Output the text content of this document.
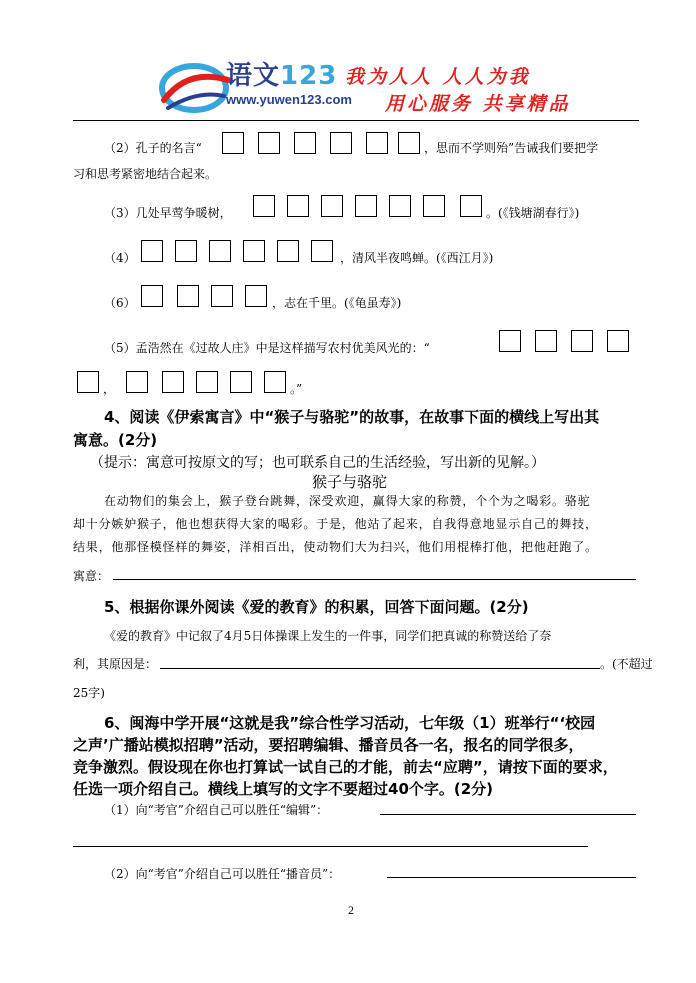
语文123
www.yuwen123.com
我为人人 人人为我
用心服务 共享精品
（2）孔子的名言“	，思而不学则殆”告诫我们要把学
习和思考紧密地结合起来。
（3）几处早莺争暖树，	。(《钱塘湖春行》)
（4）	，清风半夜鸣蝉。(《西江月》)
（6）	，志在千里。(《龟虽寿》)
（5）孟浩然在《过故人庄》中是这样描写农村优美风光的：“
，	。”
4、阅读《伊索寓言》中“猴子与骆驼”的故事，在故事下面的横线上写出其
寓意。(2分)
（提示：寓意可按原文的写；也可联系自己的生活经验，写出新的见解。）
猴子与骆驼
在动物们的集会上，猴子登台跳舞，深受欢迎，赢得大家的称赞，个个为之喝彩。骆驼
却十分嫉妒猴子，他也想获得大家的喝彩。于是，他站了起来，自我得意地显示自己的舞技，
结果，他那怪模怪样的舞姿，洋相百出，使动物们大为扫兴，他们用棍棒打他，把他赶跑了。
寓意：
5、根据你课外阅读《爱的教育》的积累，回答下面问题。(2分)
《爱的教育》中记叙了4月5日体操课上发生的一件事，同学们把真诚的称赞送给了奈
利，其原因是：	。(不超过
25字)
6、闽海中学开展“这就是我”综合性学习活动，七年级（1）班举行“‘校园
之声’广播站模拟招聘”活动，要招聘编辑、播音员各一名，报名的同学很多，
竞争激烈。假设现在你也打算试一试自己的才能，前去“应聘”，请按下面的要求，
任选一项介绍自己。横线上填写的文字不要超过40个字。(2分)
（1）向“考官”介绍自己可以胜任“编辑”：
（2）向“考官”介绍自己可以胜任“播音员”：
2
